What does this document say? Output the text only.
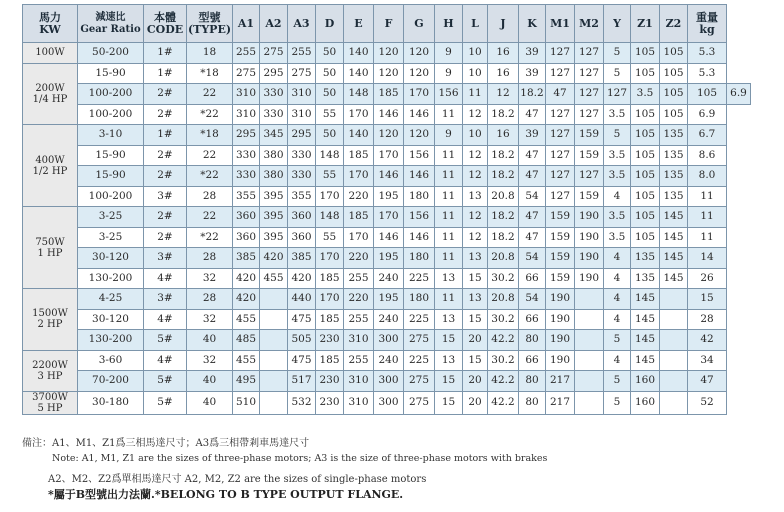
馬力
KW	減速比
Gear Ratio	本體
CODE	型號
(TYPE)	A1	A2	A3	D	E	F	G	H	L	J	K	M1	M2	Y	Z1	Z2	重量
kg	
100W	50-200	1#	18	255	275	255	50	140	120	120	9	10	16	39	127	127	5	105	105	5.3	
200W
1/4 HP	15-90	1#	*18	275	295	275	50	140	120	120	9	10	16	39	127	127	5	105	105	5.3	
	100-200	2#	22	310	330	310	50	148	185	170	156	11	12	18.2	47	127	127	3.5	105	105	6.9
	100-200	2#	*22	310	330	310	55	170	146	146	11	12	18.2	47	127	127	3.5	105	105	6.9	
400W
1/2 HP	3-10	1#	*18	295	345	295	50	140	120	120	9	10	16	39	127	159	5	105	135	6.7	
	15-90	2#	22	330	380	330	148	185	170	156	11	12	18.2	47	127	159	3.5	105	135	8.6	
	15-90	2#	*22	330	380	330	55	170	146	146	11	12	18.2	47	127	127	3.5	105	135	8.0	
	100-200	3#	28	355	395	355	170	220	195	180	11	13	20.8	54	127	159	4	105	135	11	
750W
1 HP	3-25	2#	22	360	395	360	148	185	170	156	11	12	18.2	47	159	190	3.5	105	145	11	
	3-25	2#	*22	360	395	360	55	170	146	146	11	12	18.2	47	159	190	3.5	105	145	11	
	30-120	3#	28	385	420	385	170	220	195	180	11	13	20.8	54	159	190	4	135	145	14	
	130-200	4#	32	420	455	420	185	255	240	225	13	15	30.2	66	159	190	4	135	145	26	
1500W
2 HP	4-25	3#	28	420		440	170	220	195	180	11	13	20.8	54	190		4	145		15	
	30-120	4#	32	455		475	185	255	240	225	13	15	30.2	66	190		4	145		28	
	130-200	5#	40	485		505	230	310	300	275	15	20	42.2	80	190		5	145		42	
2200W
3 HP	3-60	4#	32	455		475	185	255	240	225	13	15	30.2	66	190		4	145		34	
	70-200	5#	40	495		517	230	310	300	275	15	20	42.2	80	217		5	160		47	
3700W
5 HP	30-180	5#	40	510		532	230	310	300	275	15	20	42.2	80	217		5	160		52	
備注：A1、M1、Z1爲三相馬達尺寸；A3爲三相帶剎車馬達尺寸
Note: A1, M1, Z1 are the sizes of three-phase motors; A3 is the size of three-phase motors with brakes
A2、M2、Z2爲單相馬達尺寸 A2, M2, Z2 are the sizes of single-phase motors
*屬于B型號出力法蘭.*BELONG TO B TYPE OUTPUT FLANGE.
